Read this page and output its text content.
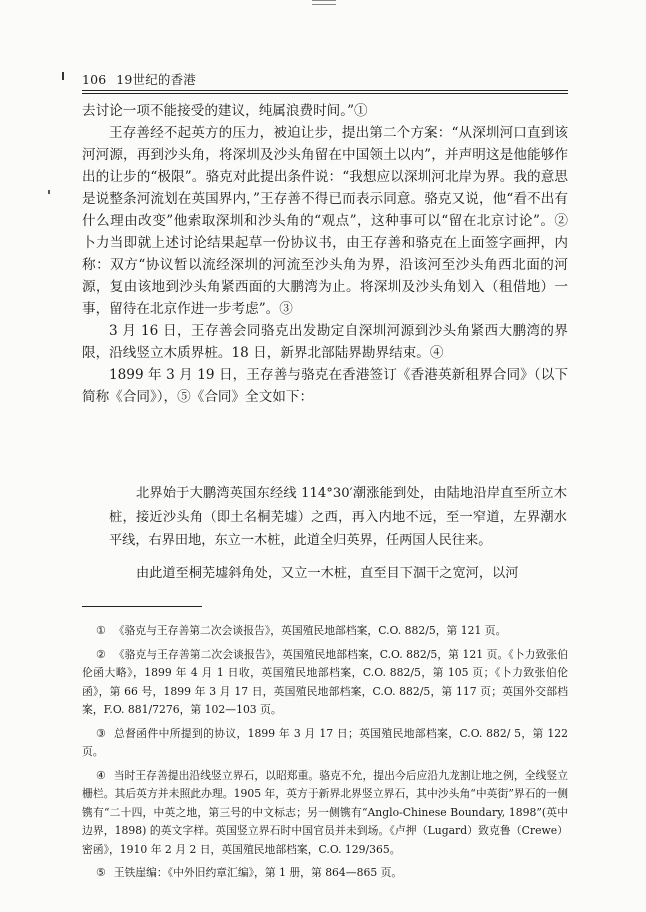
106 19世纪的香港

去讨论一项不能接受的建议，纯属浪费时间。”①

王存善经不起英方的压力，被迫让步，提出第二个方案：“从深圳河口直到该河河源，再到沙头角，将深圳及沙头角留在中国领土以内”，并声明这是他能够作出的让步的“极限”。骆克对此提出条件说：“我想应以深圳河北岸为界。我的意思是说整条河流划在英国界内，”王存善不得已而表示同意。骆克又说，他“看不出有什么理由改变”他索取深圳和沙头角的“观点”，这种事可以“留在北京讨论”。② 卜力当即就上述讨论结果起草一份协议书，由王存善和骆克在上面签字画押，内称：双方“协议暂以流经深圳的河流至沙头角为界，沿该河至沙头角西北面的河源，复由该地到沙头角紧西面的大鹏湾为止。将深圳及沙头角划入（租借地）一事，留待在北京作进一步考虑”。③

3 月 16 日，王存善会同骆克出发勘定自深圳河源到沙头角紧西大鹏湾的界限，沿线竖立木质界桩。18 日，新界北部陆界勘界结束。④

1899 年 3 月 19 日，王存善与骆克在香港签订《香港英新租界合同》（以下简称《合同》），⑤《合同》全文如下：

北界始于大鹏湾英国东经线 114°30′潮涨能到处，由陆地沿岸直至所立木桩，接近沙头角（即土名桐芜墟）之西，再入内地不远，至一窄道，左界潮水平线，右界田地，东立一木桩，此道全归英界，任两国人民往来。

由此道至桐芜墟斜角处，又立一木桩，直至目下涸干之宽河，以河

① 《骆克与王存善第二次会谈报告》，英国殖民地部档案，C.O. 882/5，第 121 页。

② 《骆克与王存善第二次会谈报告》，英国殖民地部档案，C.O. 882/5，第 121 页。《卜力致张伯伦函大略》，1899 年 4 月 1 日收，英国殖民地部档案，C.O. 882/5，第 105 页；《卜力致张伯伦函》，第 66 号，1899 年 3 月 17 日，英国殖民地部档案，C.O. 882/5，第 117 页；英国外交部档案，F.O. 881/7276，第 102—103 页。

③ 总督函件中所提到的协议，1899 年 3 月 17 日；英国殖民地部档案，C.O. 882/ 5，第 122 页。

④ 当时王存善提出沿线竖立界石，以昭郑重。骆克不允，提出今后应沿九龙割让地之例，全线竖立栅栏。其后英方并未照此办理。1905 年，英方于新界北界竖立界石，其中沙头角“中英街”界石的一侧镌有“二十四，中英之地，第三号的中文标志；另一侧镌有“Anglo-Chinese Boundary, 1898”(英中边界，1898) 的英文字样。英国竖立界石时中国官员并未到场。《卢押（Lugard）致克鲁（Crewe）密函》，1910 年 2 月 2 日，英国殖民地部档案，C.O. 129/365。

⑤ 王铁崖编：《中外旧约章汇编》，第 1 册，第 864—865 页。
